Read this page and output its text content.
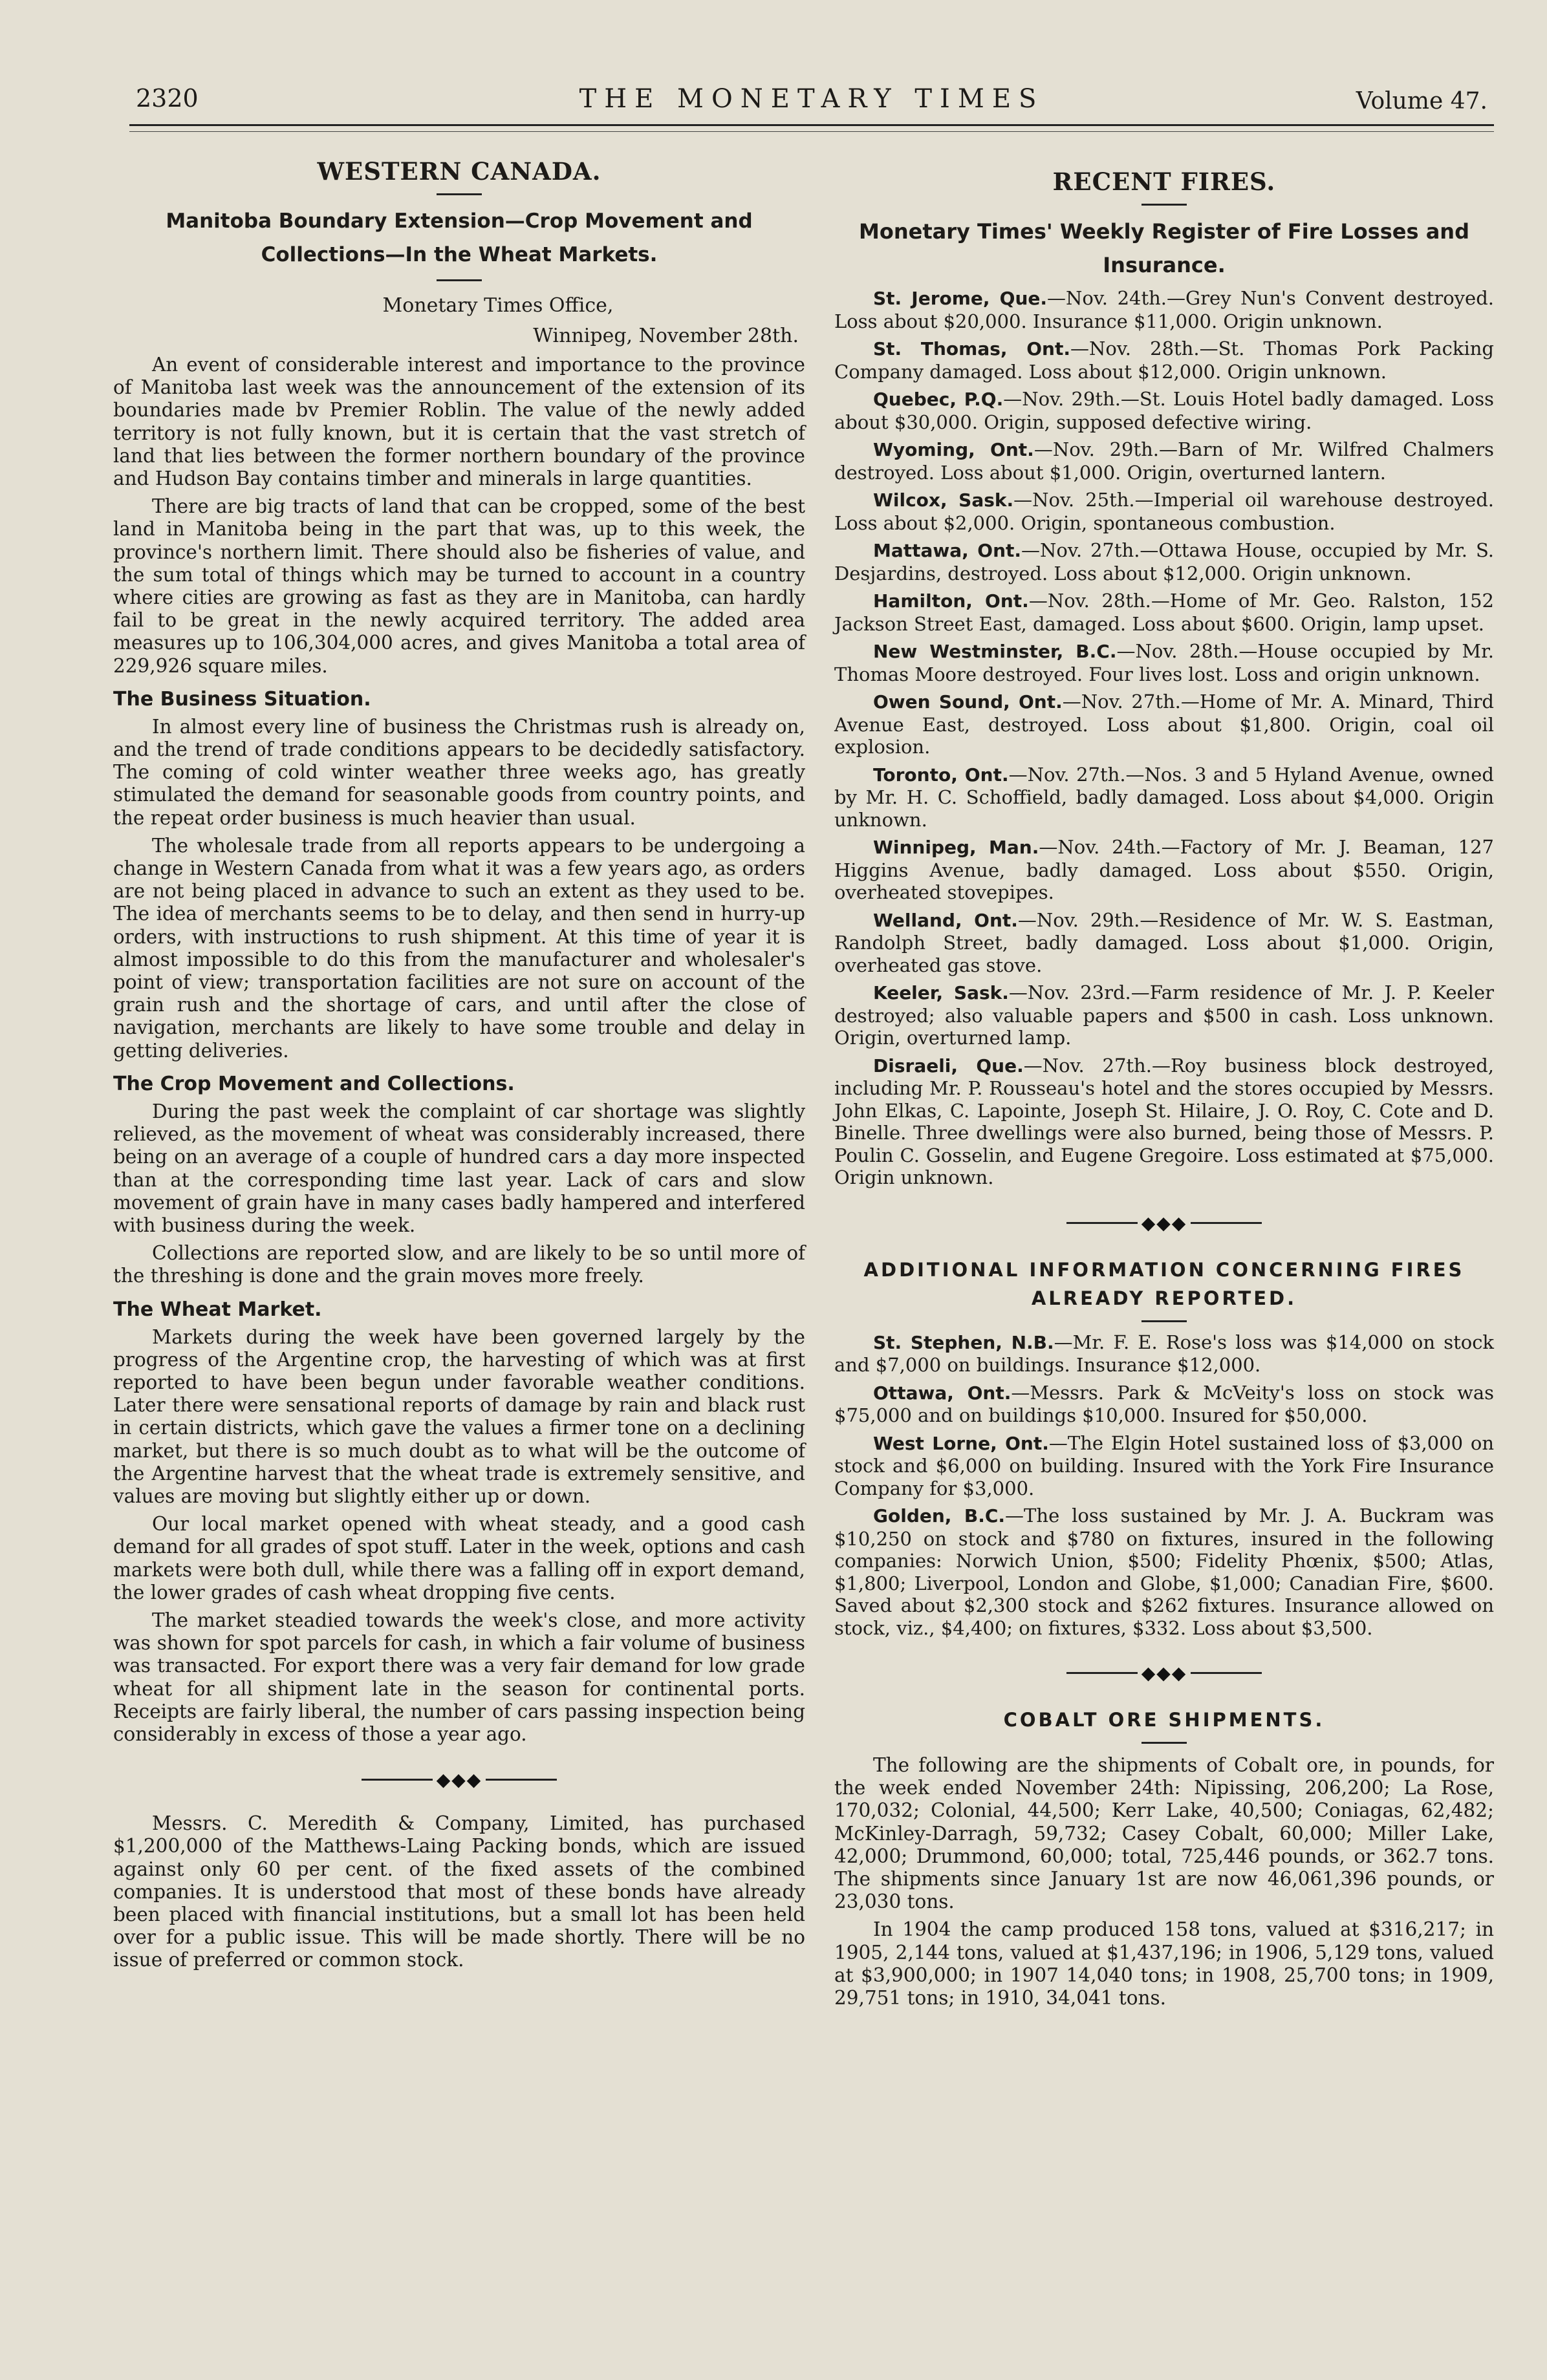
2320	THE MONETARY TIMES	Volume 47.
WESTERN CANADA.
Manitoba Boundary Extension—Crop Movement and Collections—In the Wheat Markets.
Monetary Times Office,
Winnipeg, November 28th.

An event of considerable interest and importance to the province of Manitoba last week was the announcement of the extension of its boundaries made bv Premier Roblin. The value of the newly added territory is not fully known, but it is certain that the vast stretch of land that lies between the former northern boundary of the province and Hudson Bay contains timber and minerals in large quantities.

There are big tracts of land that can be cropped, some of the best land in Manitoba being in the part that was, up to this week, the province's northern limit. There should also be fisheries of value, and the sum total of things which may be turned to account in a country where cities are growing as fast as they are in Manitoba, can hardly fail to be great in the newly acquired territory. The added area measures up to 106,304,000 acres, and gives Manitoba a total area of 229,926 square miles.

The Business Situation.

In almost every line of business the Christmas rush is already on, and the trend of trade conditions appears to be decidedly satisfactory. The coming of cold winter weather three weeks ago, has greatly stimulated the demand for seasonable goods from country points, and the repeat order business is much heavier than usual.

The wholesale trade from all reports appears to be undergoing a change in Western Canada from what it was a few years ago, as orders are not being placed in advance to such an extent as they used to be. The idea of merchants seems to be to delay, and then send in hurry-up orders, with instructions to rush shipment. At this time of year it is almost impossible to do this from the manufacturer and wholesaler's point of view; transportation facilities are not sure on account of the grain rush and the shortage of cars, and until after the close of navigation, merchants are likely to have some trouble and delay in getting deliveries.

The Crop Movement and Collections.

During the past week the complaint of car shortage was slightly relieved, as the movement of wheat was considerably increased, there being on an average of a couple of hundred cars a day more inspected than at the corresponding time last year. Lack of cars and slow movement of grain have in many cases badly hampered and interfered with business during the week.

Collections are reported slow, and are likely to be so until more of the threshing is done and the grain moves more freely.

The Wheat Market.

Markets during the week have been governed largely by the progress of the Argentine crop, the harvesting of which was at first reported to have been begun under favorable weather conditions. Later there were sensational reports of damage by rain and black rust in certain districts, which gave the values a firmer tone on a declining market, but there is so much doubt as to what will be the outcome of the Argentine harvest that the wheat trade is extremely sensitive, and values are moving but slightly either up or down.

Our local market opened with wheat steady, and a good cash demand for all grades of spot stuff. Later in the week, options and cash markets were both dull, while there was a falling off in export demand, the lower grades of cash wheat dropping five cents.

The market steadied towards the week's close, and more activity was shown for spot parcels for cash, in which a fair volume of business was transacted. For export there was a very fair demand for low grade wheat for all shipment late in the season for continental ports. Receipts are fairly liberal, the number of cars passing inspection being considerably in excess of those a year ago.

◆◆◆

Messrs. C. Meredith & Company, Limited, has purchased $1,200,000 of the Matthews-Laing Packing bonds, which are issued against only 60 per cent. of the fixed assets of the combined companies. It is understood that most of these bonds have already been placed with financial institutions, but a small lot has been held over for a public issue. This will be made shortly. There will be no issue of preferred or common stock.

RECENT FIRES.
Monetary Times' Weekly Register of Fire Losses and Insurance.

St. Jerome, Que.—Nov. 24th.—Grey Nun's Convent destroyed. Loss about $20,000. Insurance $11,000. Origin unknown.

St. Thomas, Ont.—Nov. 28th.—St. Thomas Pork Packing Company damaged. Loss about $12,000. Origin unknown.

Quebec, P.Q.—Nov. 29th.—St. Louis Hotel badly damaged. Loss about $30,000. Origin, supposed defective wiring.

Wyoming, Ont.—Nov. 29th.—Barn of Mr. Wilfred Chalmers destroyed. Loss about $1,000. Origin, overturned lantern.

Wilcox, Sask.—Nov. 25th.—Imperial oil warehouse destroyed. Loss about $2,000. Origin, spontaneous combustion.

Mattawa, Ont.—Nov. 27th.—Ottawa House, occupied by Mr. S. Desjardins, destroyed. Loss about $12,000. Origin unknown.

Hamilton, Ont.—Nov. 28th.—Home of Mr. Geo. Ralston, 152 Jackson Street East, damaged. Loss about $600. Origin, lamp upset.

New Westminster, B.C.—Nov. 28th.—House occupied by Mr. Thomas Moore destroyed. Four lives lost. Loss and origin unknown.

Owen Sound, Ont.—Nov. 27th.—Home of Mr. A. Minard, Third Avenue East, destroyed. Loss about $1,800. Origin, coal oil explosion.

Toronto, Ont.—Nov. 27th.—Nos. 3 and 5 Hyland Avenue, owned by Mr. H. C. Schoffield, badly damaged. Loss about $4,000. Origin unknown.

Winnipeg, Man.—Nov. 24th.—Factory of Mr. J. Beaman, 127 Higgins Avenue, badly damaged. Loss about $550. Origin, overheated stovepipes.

Welland, Ont.—Nov. 29th.—Residence of Mr. W. S. Eastman, Randolph Street, badly damaged. Loss about $1,000. Origin, overheated gas stove.

Keeler, Sask.—Nov. 23rd.—Farm residence of Mr. J. P. Keeler destroyed; also valuable papers and $500 in cash. Loss unknown. Origin, overturned lamp.

Disraeli, Que.—Nov. 27th.—Roy business block destroyed, including Mr. P. Rousseau's hotel and the stores occupied by Messrs. John Elkas, C. Lapointe, Joseph St. Hilaire, J. O. Roy, C. Cote and D. Binelle. Three dwellings were also burned, being those of Messrs. P. Poulin C. Gosselin, and Eugene Gregoire. Loss estimated at $75,000. Origin unknown.

◆◆◆
ADDITIONAL INFORMATION CONCERNING FIRES ALREADY REPORTED.

St. Stephen, N.B.—Mr. F. E. Rose's loss was $14,000 on stock and $7,000 on buildings. Insurance $12,000.

Ottawa, Ont.—Messrs. Park & McVeity's loss on stock was $75,000 and on buildings $10,000. Insured for $50,000.

West Lorne, Ont.—The Elgin Hotel sustained loss of $3,000 on stock and $6,000 on building. Insured with the York Fire Insurance Company for $3,000.

Golden, B.C.—The loss sustained by Mr. J. A. Buckram was $10,250 on stock and $780 on fixtures, insured in the following companies: Norwich Union, $500; Fidelity Phœnix, $500; Atlas, $1,800; Liverpool, London and Globe, $1,000; Canadian Fire, $600. Saved about $2,300 stock and $262 fixtures. Insurance allowed on stock, viz., $4,400; on fixtures, $332. Loss about $3,500.

◆◆◆
COBALT ORE SHIPMENTS.

The following are the shipments of Cobalt ore, in pounds, for the week ended November 24th: Nipissing, 206,200; La Rose, 170,032; Colonial, 44,500; Kerr Lake, 40,500; Coniagas, 62,482; McKinley-Darragh, 59,732; Casey Cobalt, 60,000; Miller Lake, 42,000; Drummond, 60,000; total, 725,446 pounds, or 362.7 tons. The shipments since January 1st are now 46,061,396 pounds, or 23,030 tons.

In 1904 the camp produced 158 tons, valued at $316,217; in 1905, 2,144 tons, valued at $1,437,196; in 1906, 5,129 tons, valued at $3,900,000; in 1907 14,040 tons; in 1908, 25,700 tons; in 1909, 29,751 tons; in 1910, 34,041 tons.
